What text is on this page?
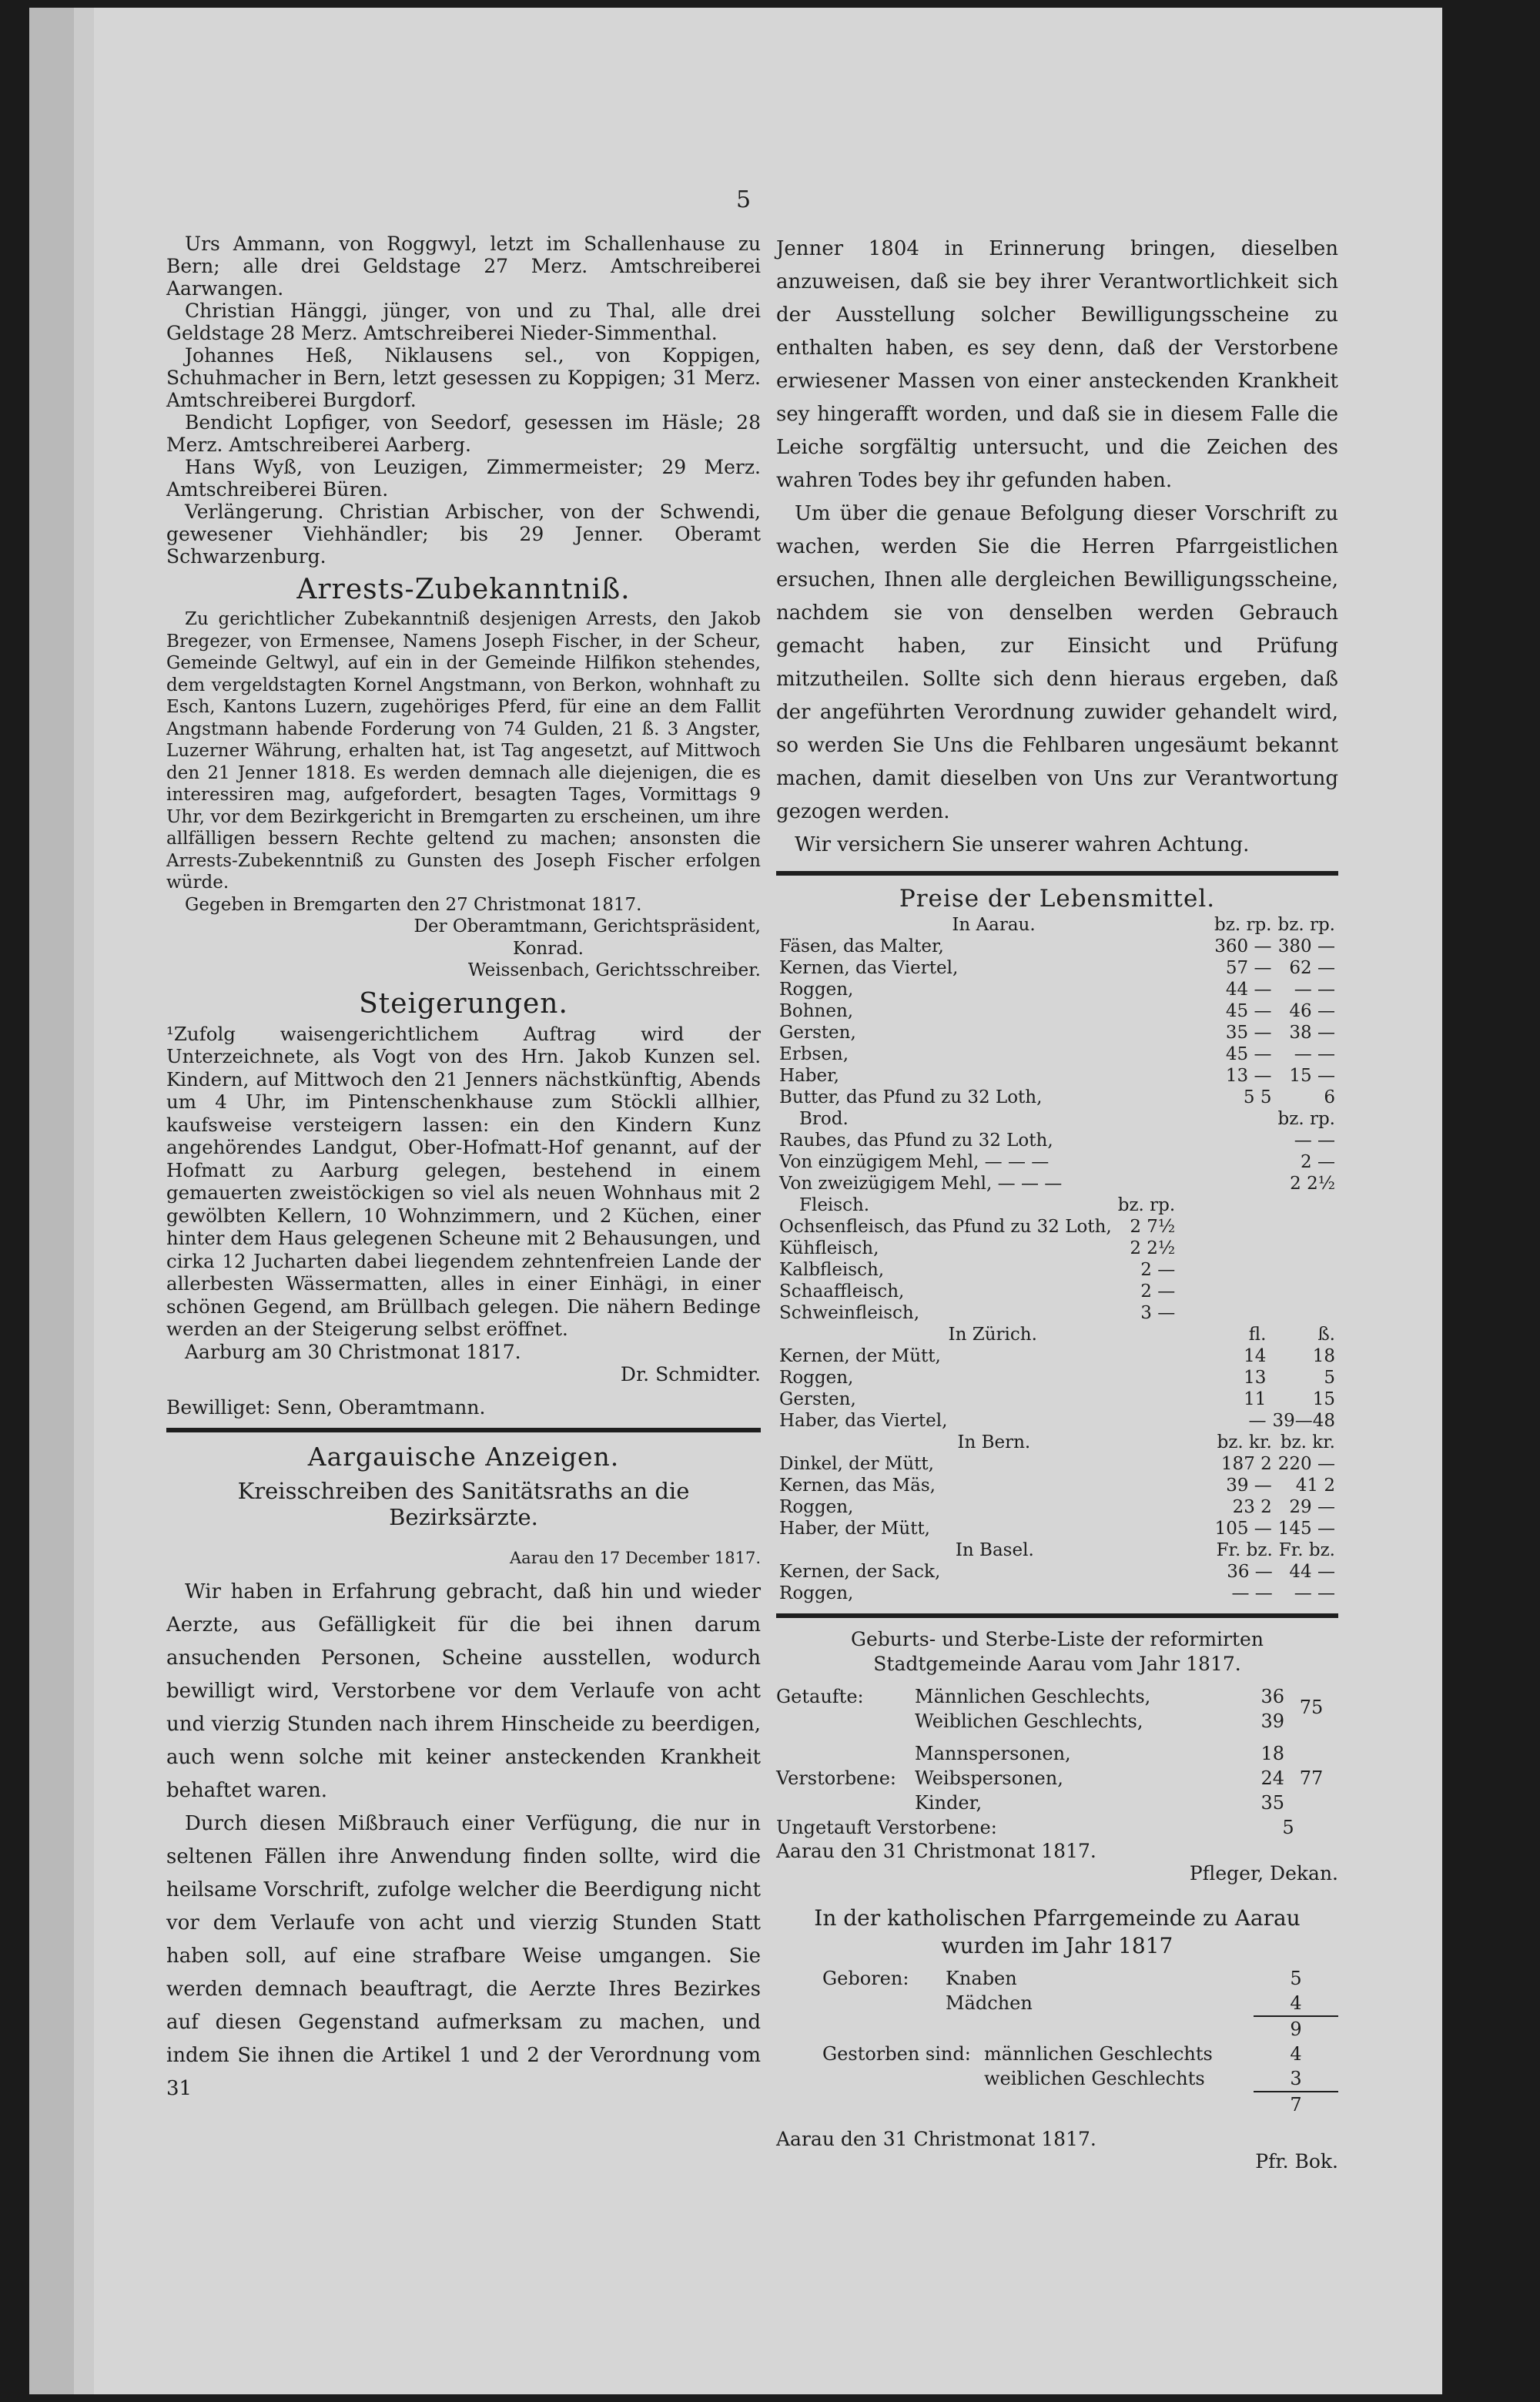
5

Urs Ammann, von Roggwyl, letzt im Schallenhause zu Bern; alle drei Geldstage 27 Merz. Amtschreiberei Aarwangen.

Christian Hänggi, jünger, von und zu Thal, alle drei Geldstage 28 Merz. Amtschreiberei Nieder-Simmenthal.

Johannes Heß, Niklausens sel., von Koppigen, Schuhmacher in Bern, letzt gesessen zu Koppigen; 31 Merz. Amtschreiberei Burgdorf.

Bendicht Lopfiger, von Seedorf, gesessen im Häsle; 28 Merz. Amtschreiberei Aarberg.

Hans Wyß, von Leuzigen, Zimmermeister; 29 Merz. Amtschreiberei Büren.

Verlängerung. Christian Arbischer, von der Schwendi, gewesener Viehhändler; bis 29 Jenner. Oberamt Schwarzenburg.

Arrests-Zubekanntniß.

Zu gerichtlicher Zubekanntniß desjenigen Arrests, den Jakob Bregezer, von Ermensee, Namens Joseph Fischer, in der Scheur, Gemeinde Geltwyl, auf ein in der Gemeinde Hilfikon stehendes, dem vergeldstagten Kornel Angstmann, von Berkon, wohnhaft zu Esch, Kantons Luzern, zugehöriges Pferd, für eine an dem Fallit Angstmann habende Forderung von 74 Gulden, 21 ß. 3 Angster, Luzerner Währung, erhalten hat, ist Tag angesetzt, auf Mittwoch den 21 Jenner 1818. Es werden demnach alle diejenigen, die es interessiren mag, aufgefordert, besagten Tages, Vormittags 9 Uhr, vor dem Bezirkgericht in Bremgarten zu erscheinen, um ihre allfälligen bessern Rechte geltend zu machen; ansonsten die Arrests-Zubekenntniß zu Gunsten des Joseph Fischer erfolgen würde.

Gegeben in Bremgarten den 27 Christmonat 1817.

Der Oberamtmann, Gerichtspräsident,

Konrad.

Weissenbach, Gerichtsschreiber.

Steigerungen.

¹Zufolg waisengerichtlichem Auftrag wird der Unterzeichnete, als Vogt von des Hrn. Jakob Kunzen sel. Kindern, auf Mittwoch den 21 Jenners nächstkünftig, Abends um 4 Uhr, im Pintenschenkhause zum Stöckli allhier, kaufsweise versteigern lassen: ein den Kindern Kunz angehörendes Landgut, Ober-Hofmatt-Hof genannt, auf der Hofmatt zu Aarburg gelegen, bestehend in einem gemauerten zweistöckigen so viel als neuen Wohnhaus mit 2 gewölbten Kellern, 10 Wohnzimmern, und 2 Küchen, einer hinter dem Haus gelegenen Scheune mit 2 Behausungen, und cirka 12 Jucharten dabei liegendem zehntenfreien Lande der allerbesten Wässermatten, alles in einer Einhägi, in einer schönen Gegend, am Brüllbach gelegen. Die nähern Bedinge werden an der Steigerung selbst eröffnet.

Aarburg am 30 Christmonat 1817.

Dr. Schmidter.

Bewilliget: Senn, Oberamtmann.

Aargauische Anzeigen.
Kreisschreiben des Sanitätsraths an die Bezirksärzte.

Aarau den 17 December 1817.

Wir haben in Erfahrung gebracht, daß hin und wieder Aerzte, aus Gefälligkeit für die bei ihnen darum ansuchenden Personen, Scheine ausstellen, wodurch bewilligt wird, Verstorbene vor dem Verlaufe von acht und vierzig Stunden nach ihrem Hinscheide zu beerdigen, auch wenn solche mit keiner ansteckenden Krankheit behaftet waren.

Durch diesen Mißbrauch einer Verfügung, die nur in seltenen Fällen ihre Anwendung finden sollte, wird die heilsame Vorschrift, zufolge welcher die Beerdigung nicht vor dem Verlaufe von acht und vierzig Stunden Statt haben soll, auf eine strafbare Weise umgangen. Sie werden demnach beauftragt, die Aerzte Ihres Bezirkes auf diesen Gegenstand aufmerksam zu machen, und indem Sie ihnen die Artikel 1 und 2 der Verordnung vom 31

Jenner 1804 in Erinnerung bringen, dieselben anzuweisen, daß sie bey ihrer Verantwortlichkeit sich der Ausstellung solcher Bewilligungsscheine zu enthalten haben, es sey denn, daß der Verstorbene erwiesener Massen von einer ansteckenden Krankheit sey hingerafft worden, und daß sie in diesem Falle die Leiche sorgfältig untersucht, und die Zeichen des wahren Todes bey ihr gefunden haben.

Um über die genaue Befolgung dieser Vorschrift zu wachen, werden Sie die Herren Pfarrgeistlichen ersuchen, Ihnen alle dergleichen Bewilligungsscheine, nachdem sie von denselben werden Gebrauch gemacht haben, zur Einsicht und Prüfung mitzutheilen. Sollte sich denn hieraus ergeben, daß der angeführten Verordnung zuwider gehandelt wird, so werden Sie Uns die Fehlbaren ungesäumt bekannt machen, damit dieselben von Uns zur Verantwortung gezogen werden.

Wir versichern Sie unserer wahren Achtung.

Preise der Lebensmittel.
In Aarau.	bz. rp.	bz. rp.
Fäsen, das Malter,	360 —	380 —
Kernen, das Viertel,	57 —	62 —
Roggen,	44 —	— —
Bohnen,	45 —	46 —
Gersten,	35 —	38 —
Erbsen,	45 —	— —
Haber,	13 —	15 —
Butter, das Pfund zu 32 Loth,	5 5	6
Brod.	bz. rp.
Raubes, das Pfund zu 32 Loth,	— —
Von einzügigem Mehl, — — —	2 —
Von zweizügigem Mehl, — — —	2 2½
Fleisch.	bz. rp.
Ochsenfleisch, das Pfund zu 32 Loth,	2 7½
Kühfleisch,	2 2½
Kalbfleisch,	2 —
Schaaffleisch,	2 —
Schweinfleisch,	3 —
In Zürich.	fl.	ß.
Kernen, der Mütt,	14	18
Roggen,	13	5
Gersten,	11	15
Haber, das Viertel,	—	39—48
In Bern.	bz. kr.	bz. kr.
Dinkel, der Mütt,	187 2	220 —
Kernen, das Mäs,	39 —	41 2
Roggen,	23 2	29 —
Haber, der Mütt,	105 —	145 —
In Basel.	Fr. bz.	Fr. bz.
Kernen, der Sack,	36 —	44 —
Roggen,	— —	— —
Geburts- und Sterbe-Liste der reformirten Stadtgemeinde Aarau vom Jahr 1817.
Getaufte:	Männlichen Geschlechts,	36
Weiblichen Geschlechts,	39
75
Verstorbene:
Mannspersonen,	18
Weibspersonen,	24
Kinder,	35
77
Ungetauft Verstorbene:	5

Aarau den 31 Christmonat 1817.

Pfleger, Dekan.

In der katholischen Pfarrgemeinde zu Aarau wurden im Jahr 1817
Geboren:	Knaben	5
Mädchen	4
9
Gestorben sind: männlichen Geschlechts	4
weiblichen Geschlechts	3
7

Aarau den 31 Christmonat 1817.

Pfr. Bok.
